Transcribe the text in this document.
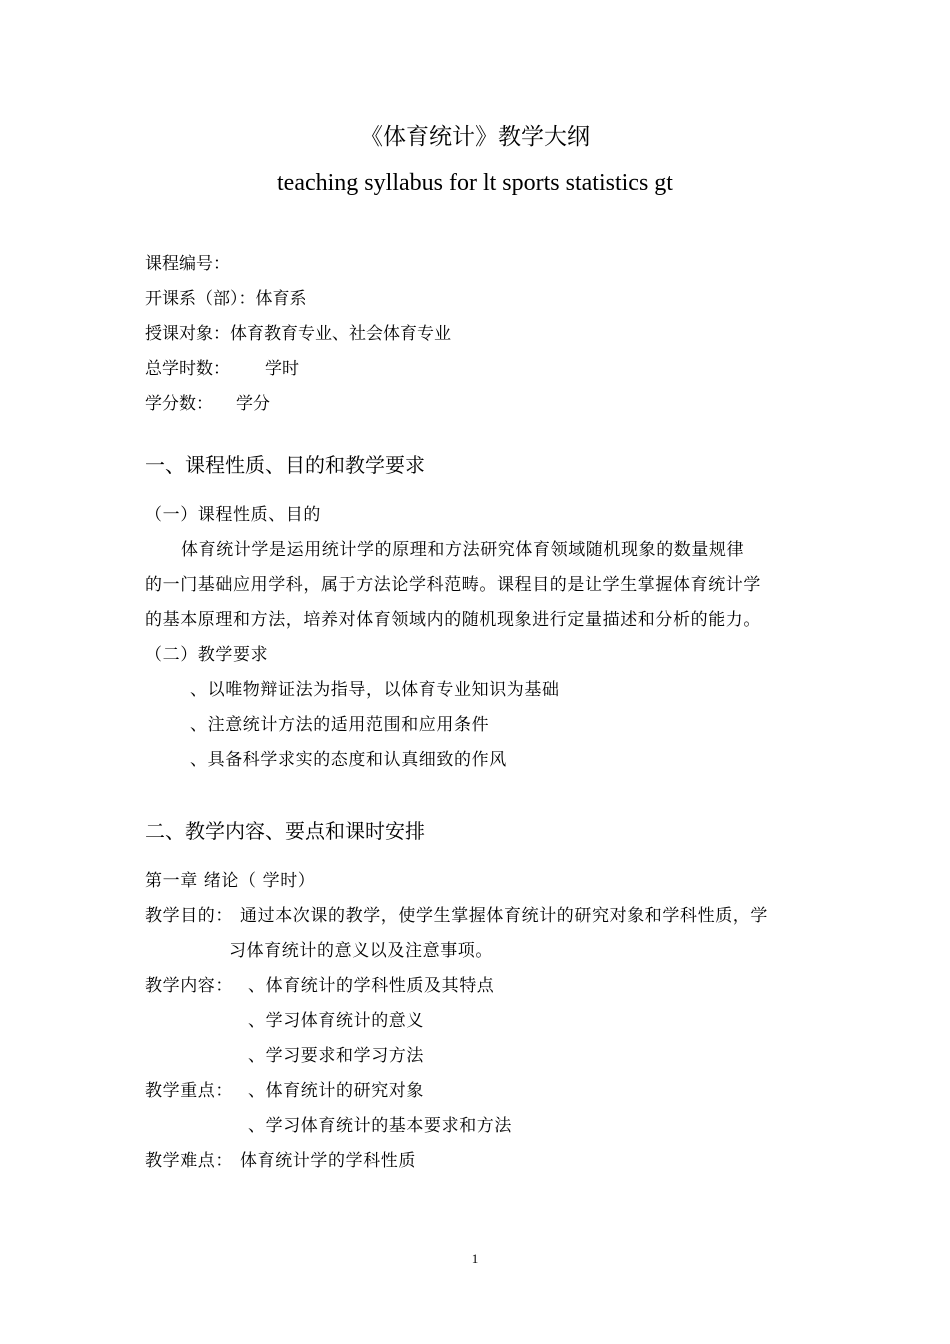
《体育统计》教学大纲
teaching syllabus for lt sports statistics gt
课程编号：
开课系（部）：体育系
授课对象：体育教育专业、社会体育专业
总学时数： 学时
学分数： 学分
一、课程性质、目的和教学要求
（一）课程性质、目的
体育统计学是运用统计学的原理和方法研究体育领域随机现象的数量规律
的一门基础应用学科，属于方法论学科范畴。课程目的是让学生掌握体育统计学
的基本原理和方法，培养对体育领域内的随机现象进行定量描述和分析的能力。
（二）教学要求
、以唯物辩证法为指导，以体育专业知识为基础
、注意统计方法的适用范围和应用条件
、具备科学求实的态度和认真细致的作风
二、教学内容、要点和课时安排
第一章 绪论（ 学时）
教学目的： 通过本次课的教学，使学生掌握体育统计的研究对象和学科性质，学
习体育统计的意义以及注意事项。
教学内容： 、体育统计的学科性质及其特点
、学习体育统计的意义
、学习要求和学习方法
教学重点： 、体育统计的研究对象
、学习体育统计的基本要求和方法
教学难点： 体育统计学的学科性质
1
